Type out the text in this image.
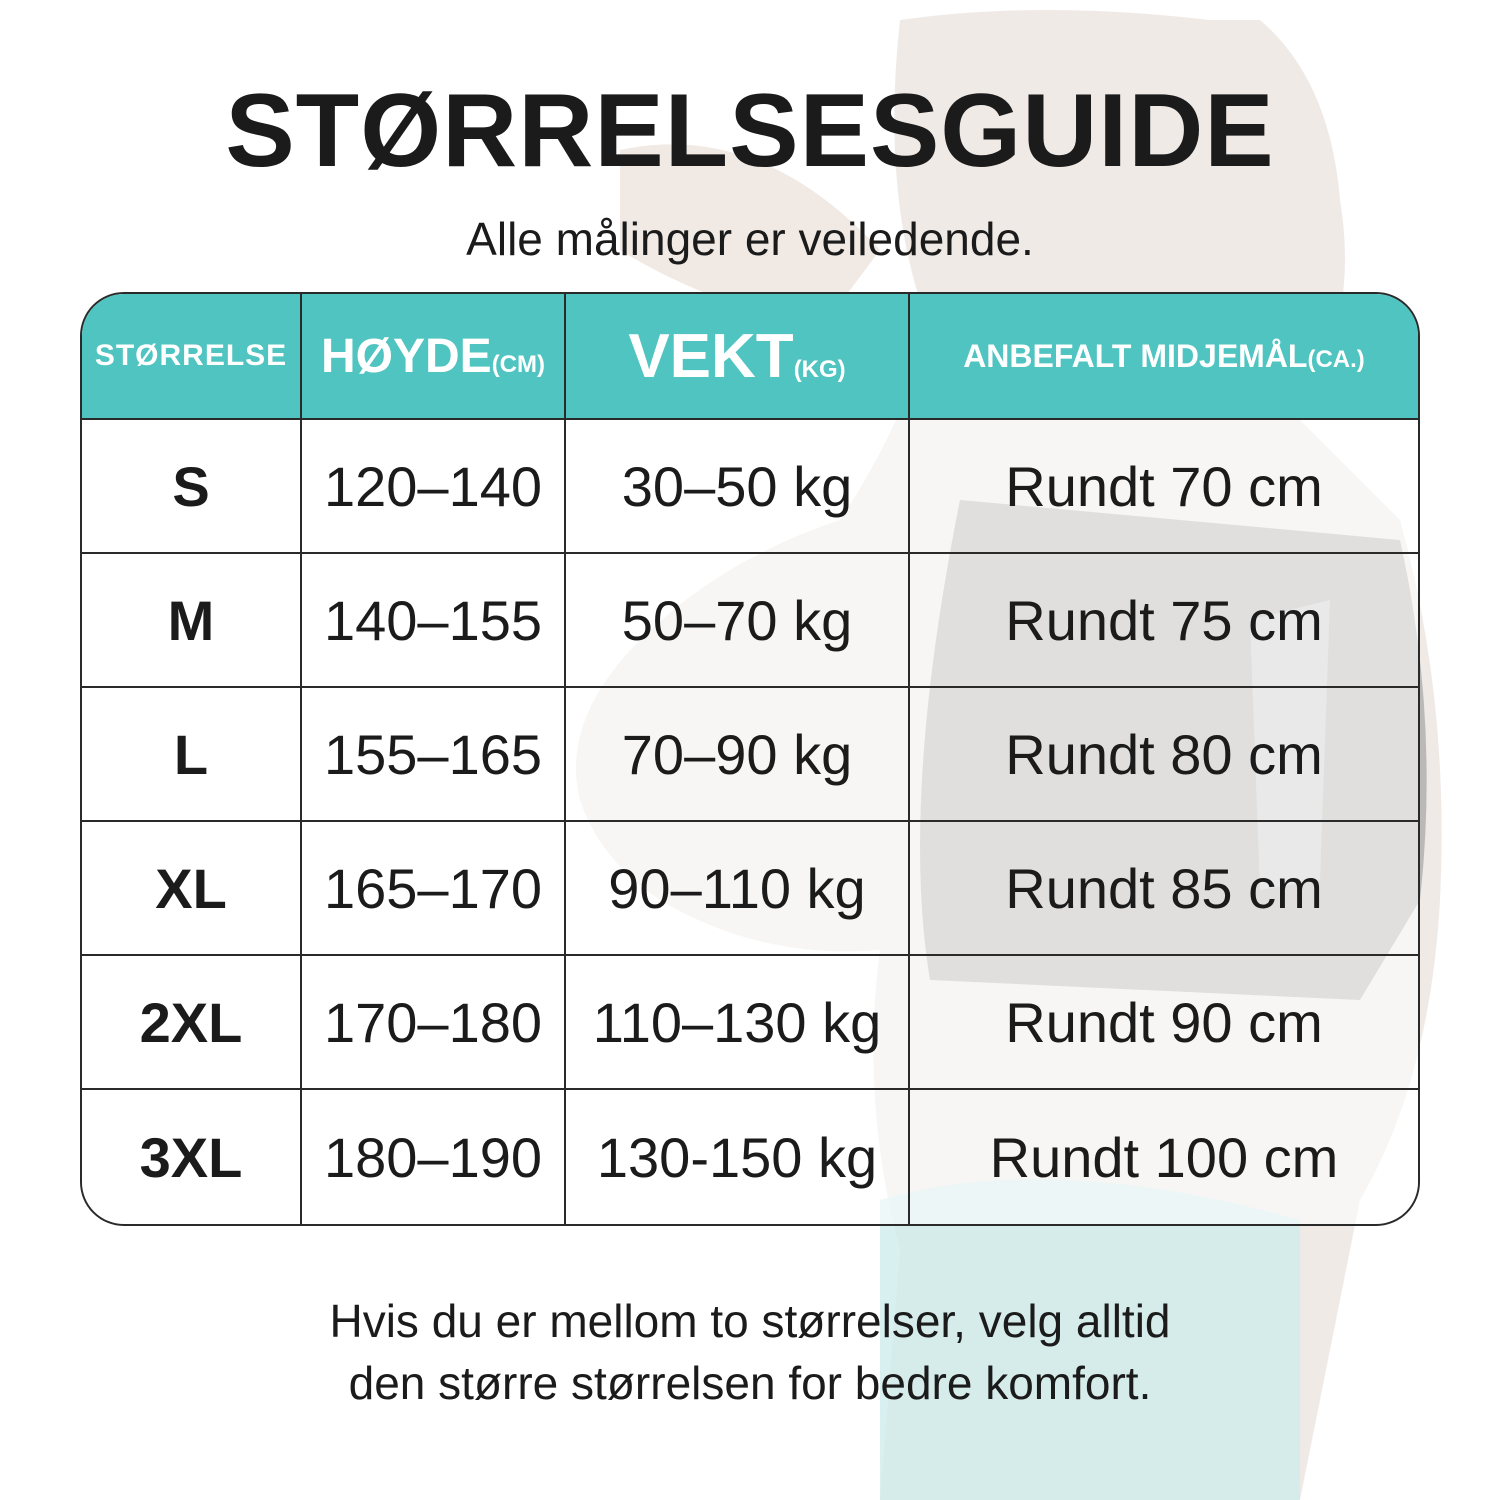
STØRRELSESGUIDE
Alle målinger er veiledende.
STØRRELSE	HØYDE(CM)	VEKT(KG)	ANBEFALT MIDJEMÅL(CA.)
S	120–140	30–50 kg	Rundt 70 cm
M	140–155	50–70 kg	Rundt 75 cm
L	155–165	70–90 kg	Rundt 80 cm
XL	165–170	90–110 kg	Rundt 85 cm
2XL	170–180	110–130 kg	Rundt 90 cm
3XL	180–190	130-150 kg	Rundt 100 cm
Hvis du er mellom to størrelser, velg alltid
den større størrelsen for bedre komfort.
